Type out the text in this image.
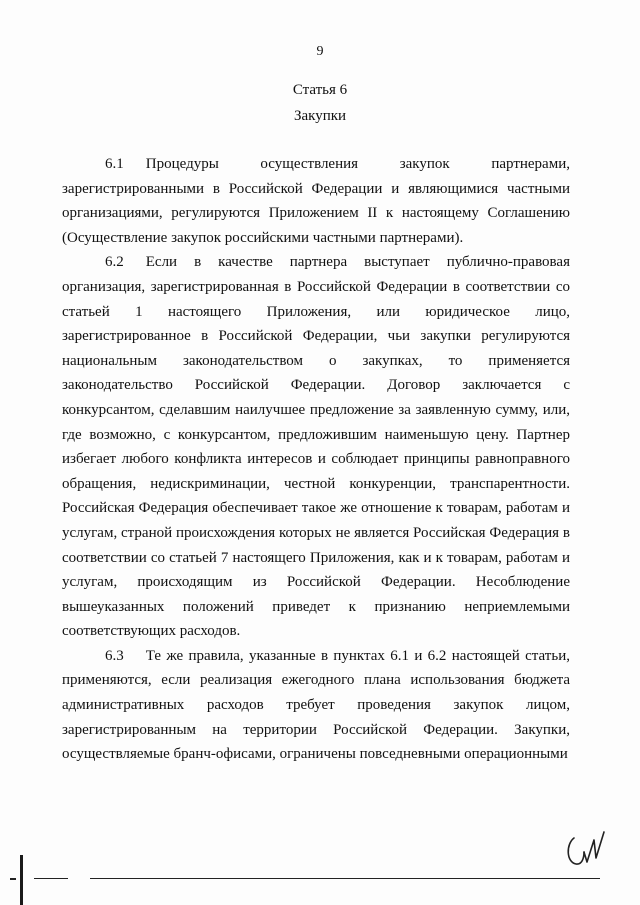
9
Статья 6
Закупки

6.1 Процедуры осуществления закупок партнерами, зарегистрированными в Российской Федерации и являющимися частными организациями, регулируются Приложением II к настоящему Соглашению (Осуществление закупок российскими частными партнерами).

6.2 Если в качестве партнера выступает публично-правовая организация, зарегистрированная в Российской Федерации в соответствии со статьей 1 настоящего Приложения, или юридическое лицо, зарегистрированное в Российской Федерации, чьи закупки регулируются национальным законодательством о закупках, то применяется законодательство Российской Федерации. Договор заключается с конкурсантом, сделавшим наилучшее предложение за заявленную сумму, или, где возможно, с конкурсантом, предложившим наименьшую цену. Партнер избегает любого конфликта интересов и соблюдает принципы равноправного обращения, недискриминации, честной конкуренции, транспарентности. Российская Федерация обеспечивает такое же отношение к товарам, работам и услугам, страной происхождения которых не является Российская Федерация в соответствии со статьей 7 настоящего Приложения, как и к товарам, работам и услугам, происходящим из Российской Федерации. Несоблюдение вышеуказанных положений приведет к признанию неприемлемыми соответствующих расходов.

6.3 Те же правила, указанные в пунктах 6.1 и 6.2 настоящей статьи, применяются, если реализация ежегодного плана использования бюджета административных расходов требует проведения закупок лицом, зарегистрированным на территории Российской Федерации. Закупки, осуществляемые бранч-офисами, ограничены повседневными операционными
